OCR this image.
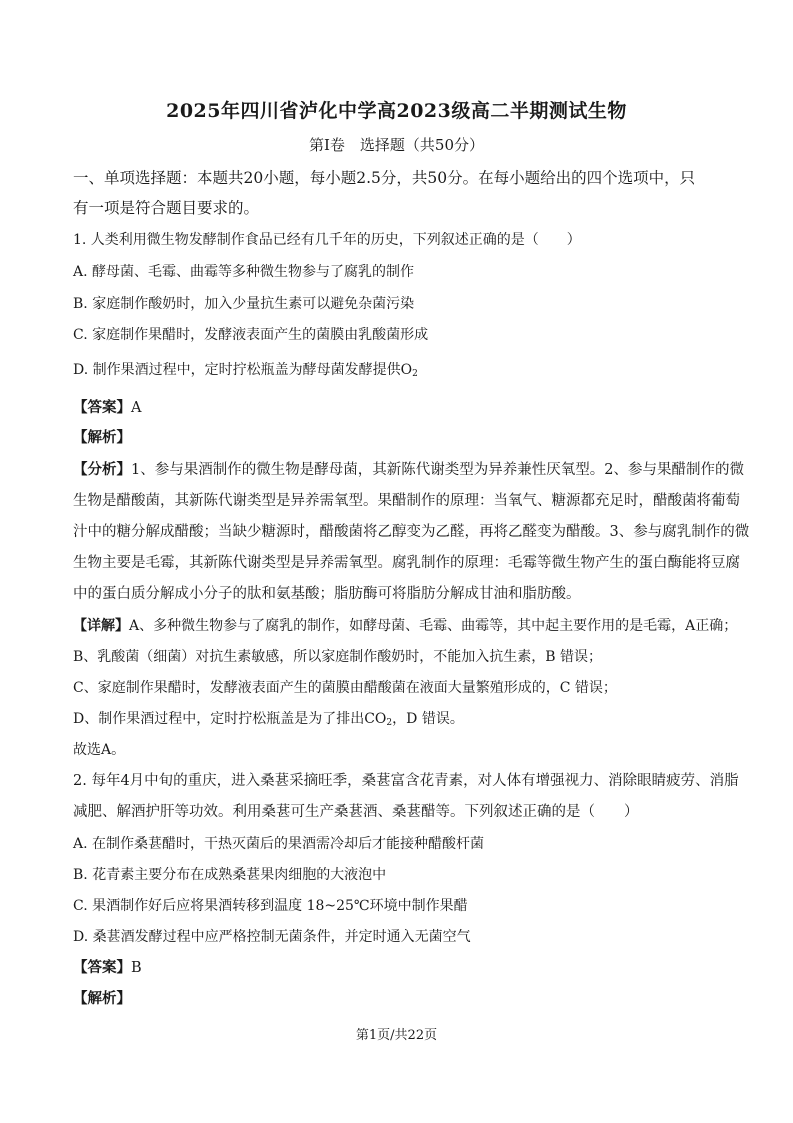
2025年四川省泸化中学高2023级高二半期测试生物
第Ⅰ卷　选择题（共50分）
一、单项选择题：本题共20小题，每小题2.5分，共50分。在每小题给出的四个选项中，只
有一项是符合题目要求的。
1. 人类利用微生物发酵制作食品已经有几千年的历史，下列叙述正确的是（　　）
A. 酵母菌、毛霉、曲霉等多种微生物参与了腐乳的制作
B. 家庭制作酸奶时，加入少量抗生素可以避免杂菌污染
C. 家庭制作果醋时，发酵液表面产生的菌膜由乳酸菌形成
D. 制作果酒过程中，定时拧松瓶盖为酵母菌发酵提供$O_2$
【答案】A
【解析】
【分析】1、参与果酒制作的微生物是酵母菌，其新陈代谢类型为异养兼性厌氧型。2、参与果醋制作的微
生物是醋酸菌，其新陈代谢类型是异养需氧型。果醋制作的原理：当氧气、糖源都充足时，醋酸菌将葡萄
汁中的糖分解成醋酸；当缺少糖源时，醋酸菌将乙醇变为乙醛，再将乙醛变为醋酸。3、参与腐乳制作的微
生物主要是毛霉，其新陈代谢类型是异养需氧型。腐乳制作的原理：毛霉等微生物产生的蛋白酶能将豆腐
中的蛋白质分解成小分子的肽和氨基酸；脂肪酶可将脂肪分解成甘油和脂肪酸。
【详解】A、多种微生物参与了腐乳的制作，如酵母菌、毛霉、曲霉等，其中起主要作用的是毛霉，A正确；
B、乳酸菌（细菌）对抗生素敏感，所以家庭制作酸奶时，不能加入抗生素，B 错误；
C、家庭制作果醋时，发酵液表面产生的菌膜由醋酸菌在液面大量繁殖形成的，C 错误；
D、制作果酒过程中，定时拧松瓶盖是为了排出$CO_2$，D 错误。
故选A。
2. 每年4月中旬的重庆，进入桑葚采摘旺季，桑葚富含花青素，对人体有增强视力、消除眼睛疲劳、消脂
减肥、解酒护肝等功效。利用桑葚可生产桑葚酒、桑葚醋等。下列叙述正确的是（　　）
A. 在制作桑葚醋时，干热灭菌后的果酒需冷却后才能接种醋酸杆菌
B. 花青素主要分布在成熟桑葚果肉细胞的大液泡中
C. 果酒制作好后应将果酒转移到温度 18~25℃环境中制作果醋
D. 桑葚酒发酵过程中应严格控制无菌条件，并定时通入无菌空气
【答案】B
【解析】
第1页/共22页
